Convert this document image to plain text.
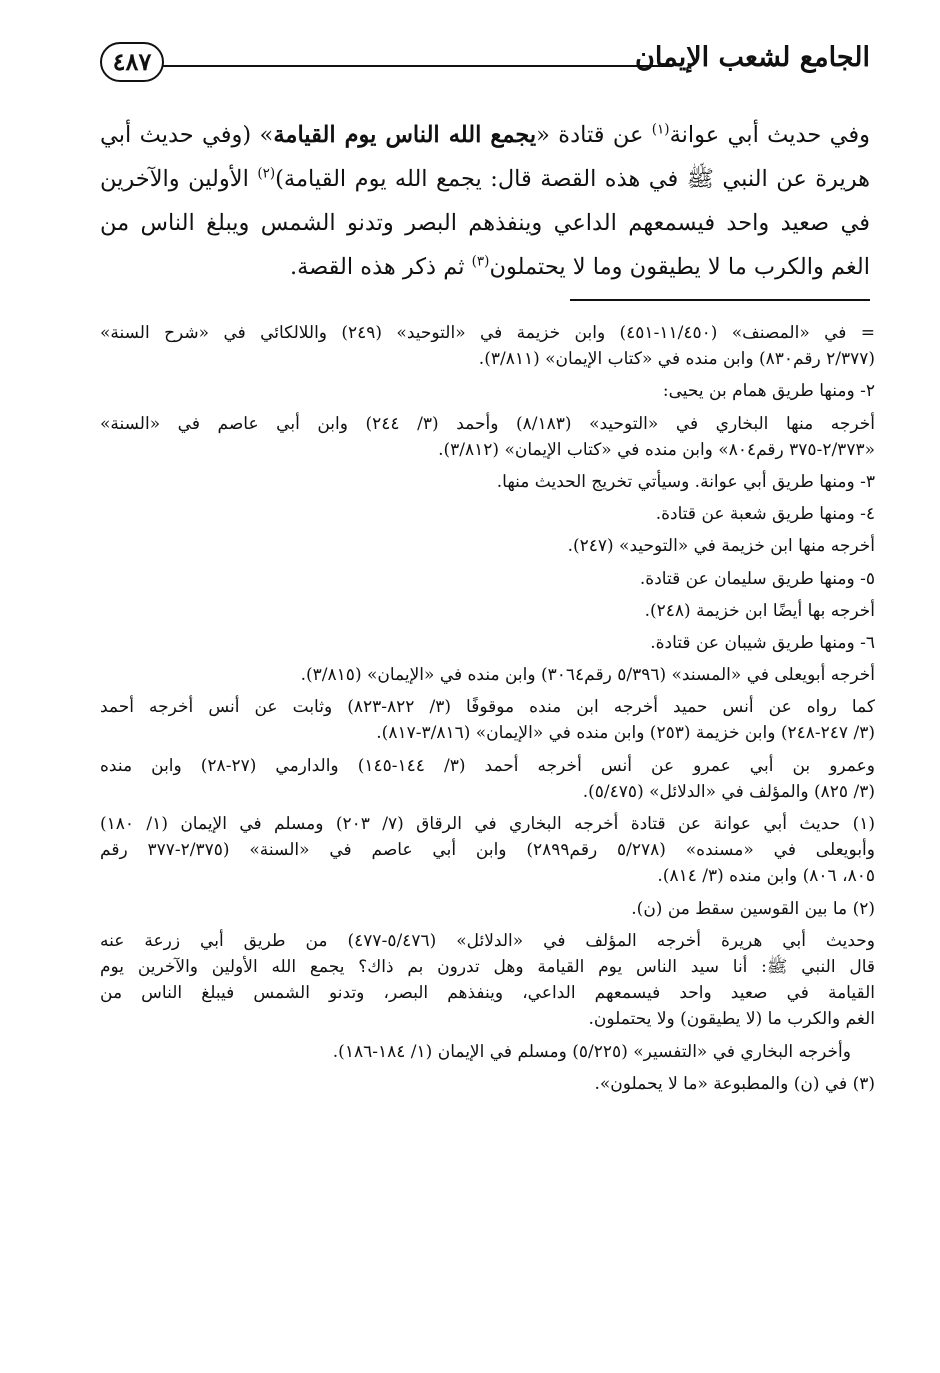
الجامع لشعب الإيمان
٤٨٧
وفي حديث أبي عوانة$^{(١)}$ عن قتادة «يجمع الله الناس يوم القيامة» (وفي حديث أبي
هريرة عن النبي ﷺ في هذه القصة قال: يجمع الله يوم القيامة)$^{(٢)}$ الأولين والآخرين
في صعيد واحد فيسمعهم الداعي وينفذهم البصر وتدنو الشمس ويبلغ الناس من
الغم والكرب ما لا يطيقون وما لا يحتملون$^{(٣)}$ ثم ذكر هذه القصة.
= في «المصنف» (١١/٤٥٠-٤٥١) وابن خزيمة في «التوحيد» (٢٤٩) واللالكائي في «شرح السنة»
(٢/٣٧٧ رقم٨٣٠) وابن منده في «كتاب الإيمان» (٣/٨١١).
٢- ومنها طريق همام بن يحيى:
أخرجه منها البخاري في «التوحيد» (٨/١٨٣) وأحمد (٣/ ٢٤٤) وابن أبي عاصم في «السنة»
«٢/٣٧٣-٣٧٥ رقم٨٠٤» وابن منده في «كتاب الإيمان» (٣/٨١٢).
٣- ومنها طريق أبي عوانة. وسيأتي تخريج الحديث منها.
٤- ومنها طريق شعبة عن قتادة.
أخرجه منها ابن خزيمة في «التوحيد» (٢٤٧).
٥- ومنها طريق سليمان عن قتادة.
أخرجه بها أيضًا ابن خزيمة (٢٤٨).
٦- ومنها طريق شيبان عن قتادة.
أخرجه أبويعلى في «المسند» (٥/٣٩٦ رقم٣٠٦٤) وابن منده في «الإيمان» (٣/٨١٥).
كما رواه عن أنس حميد أخرجه ابن منده موقوفًا (٣/ ٨٢٢-٨٢٣) وثابت عن أنس أخرجه أحمد
(٣/ ٢٤٧-٢٤٨) وابن خزيمة (٢٥٣) وابن منده في «الإيمان» (٣/٨١٦-٨١٧).
وعمرو بن أبي عمرو عن أنس أخرجه أحمد (٣/ ١٤٤-١٤٥) والدارمي (٢٧-٢٨) وابن منده
(٣/ ٨٢٥) والمؤلف في «الدلائل» (٥/٤٧٥).
(١) حديث أبي عوانة عن قتادة أخرجه البخاري في الرقاق (٧/ ٢٠٣) ومسلم في الإيمان (١/ ١٨٠)
وأبويعلى في «مسنده» (٥/٢٧٨ رقم٢٨٩٩) وابن أبي عاصم في «السنة» (٢/٣٧٥-٣٧٧ رقم
٨٠٥، ٨٠٦) وابن منده (٣/ ٨١٤).
(٢) ما بين القوسين سقط من (ن).
وحديث أبي هريرة أخرجه المؤلف في «الدلائل» (٥/٤٧٦-٤٧٧) من طريق أبي زرعة عنه
قال النبي ﷺ: أنا سيد الناس يوم القيامة وهل تدرون بم ذاك؟ يجمع الله الأولين والآخرين يوم
القيامة في صعيد واحد فيسمعهم الداعي، وينفذهم البصر، وتدنو الشمس فيبلغ الناس من
الغم والكرب ما (لا يطيقون) ولا يحتملون.
وأخرجه البخاري في «التفسير» (٥/٢٢٥) ومسلم في الإيمان (١/ ١٨٤-١٨٦).
(٣) في (ن) والمطبوعة «ما لا يحملون».
